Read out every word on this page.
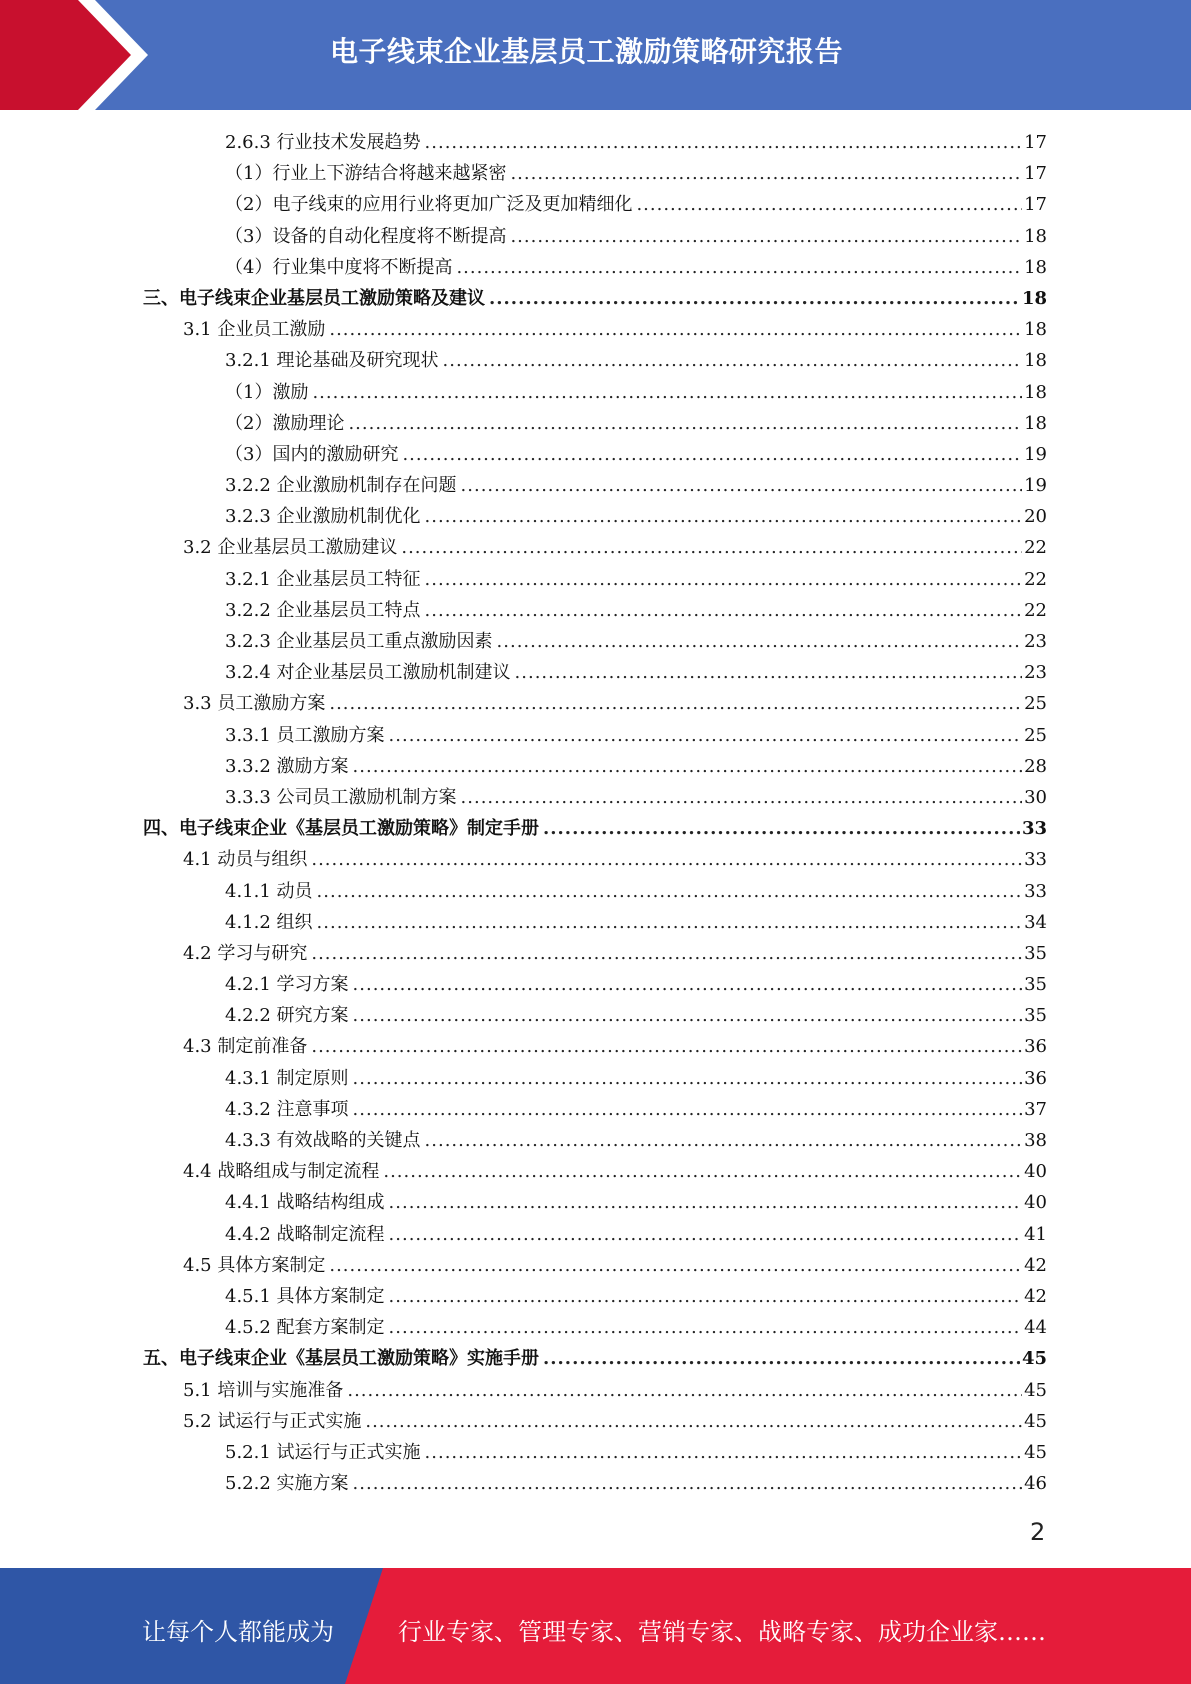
电子线束企业基层员工激励策略研究报告
2.6.3 行业技术发展趋势 .....	17
（1）行业上下游结合将越来越紧密 .....	17
（2）电子线束的应用行业将更加广泛及更加精细化 .....	17
（3）设备的自动化程度将不断提高 .....	18
（4）行业集中度将不断提高 .....	18
三、电子线束企业基层员工激励策略及建议 .....	18
3.1 企业员工激励 .....	18
3.2.1 理论基础及研究现状 .....	18
（1）激励 .....	18
（2）激励理论 .....	18
（3）国内的激励研究 .....	19
3.2.2 企业激励机制存在问题 .....	19
3.2.3 企业激励机制优化 .....	20
3.2 企业基层员工激励建议 .....	22
3.2.1 企业基层员工特征 .....	22
3.2.2 企业基层员工特点 .....	22
3.2.3 企业基层员工重点激励因素 .....	23
3.2.4 对企业基层员工激励机制建议 .....	23
3.3 员工激励方案 .....	25
3.3.1 员工激励方案 .....	25
3.3.2 激励方案 .....	28
3.3.3 公司员工激励机制方案 .....	30
四、电子线束企业《基层员工激励策略》制定手册 .....	33
4.1 动员与组织 .....	33
4.1.1 动员 .....	33
4.1.2 组织 .....	34
4.2 学习与研究 .....	35
4.2.1 学习方案 .....	35
4.2.2 研究方案 .....	35
4.3 制定前准备 .....	36
4.3.1 制定原则 .....	36
4.3.2 注意事项 .....	37
4.3.3 有效战略的关键点 .....	38
4.4 战略组成与制定流程 .....	40
4.4.1 战略结构组成 .....	40
4.4.2 战略制定流程 .....	41
4.5 具体方案制定 .....	42
4.5.1 具体方案制定 .....	42
4.5.2 配套方案制定 .....	44
五、电子线束企业《基层员工激励策略》实施手册 .....	45
5.1 培训与实施准备 .....	45
5.2 试运行与正式实施 .....	45
5.2.1 试运行与正式实施 .....	45
5.2.2 实施方案 .....	46
2
让每个人都能成为	行业专家、管理专家、营销专家、战略专家、成功企业家……
